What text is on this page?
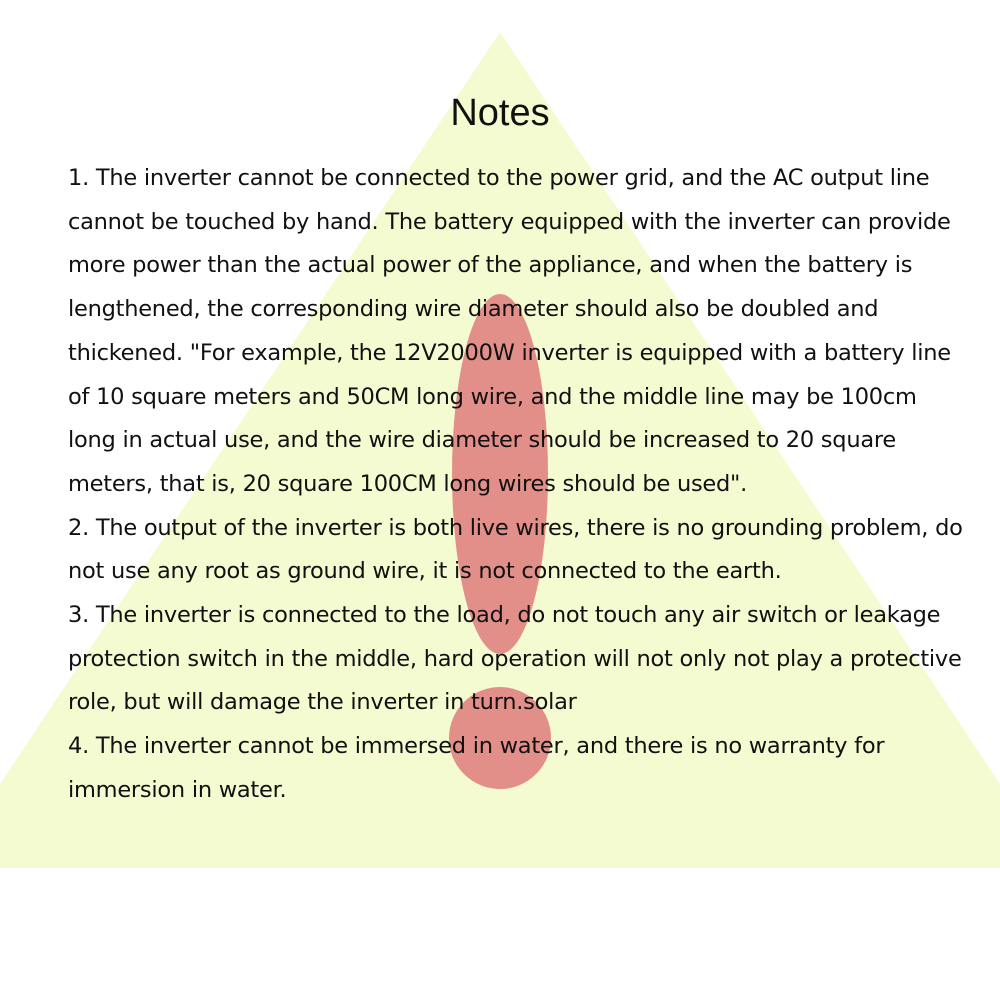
Notes

1. The inverter cannot be connected to the power grid, and the AC output line cannot be touched by hand. The battery equipped with the inverter can provide more power than the actual power of the appliance, and when the battery is lengthened, the corresponding wire diameter should also be doubled and thickened. "For example, the 12V2000W inverter is equipped with a battery line of 10 square meters and 50CM long wire, and the middle line may be 100cm long in actual use, and the wire diameter should be increased to 20 square meters, that is, 20 square 100CM long wires should be used".

2. The output of the inverter is both live wires, there is no grounding problem, do not use any root as ground wire, it is not connected to the earth.

3. The inverter is connected to the load, do not touch any air switch or leakage protection switch in the middle, hard operation will not only not play a protective role, but will damage the inverter in turn.solar

4. The inverter cannot be immersed in water, and there is no warranty for immersion in water.
